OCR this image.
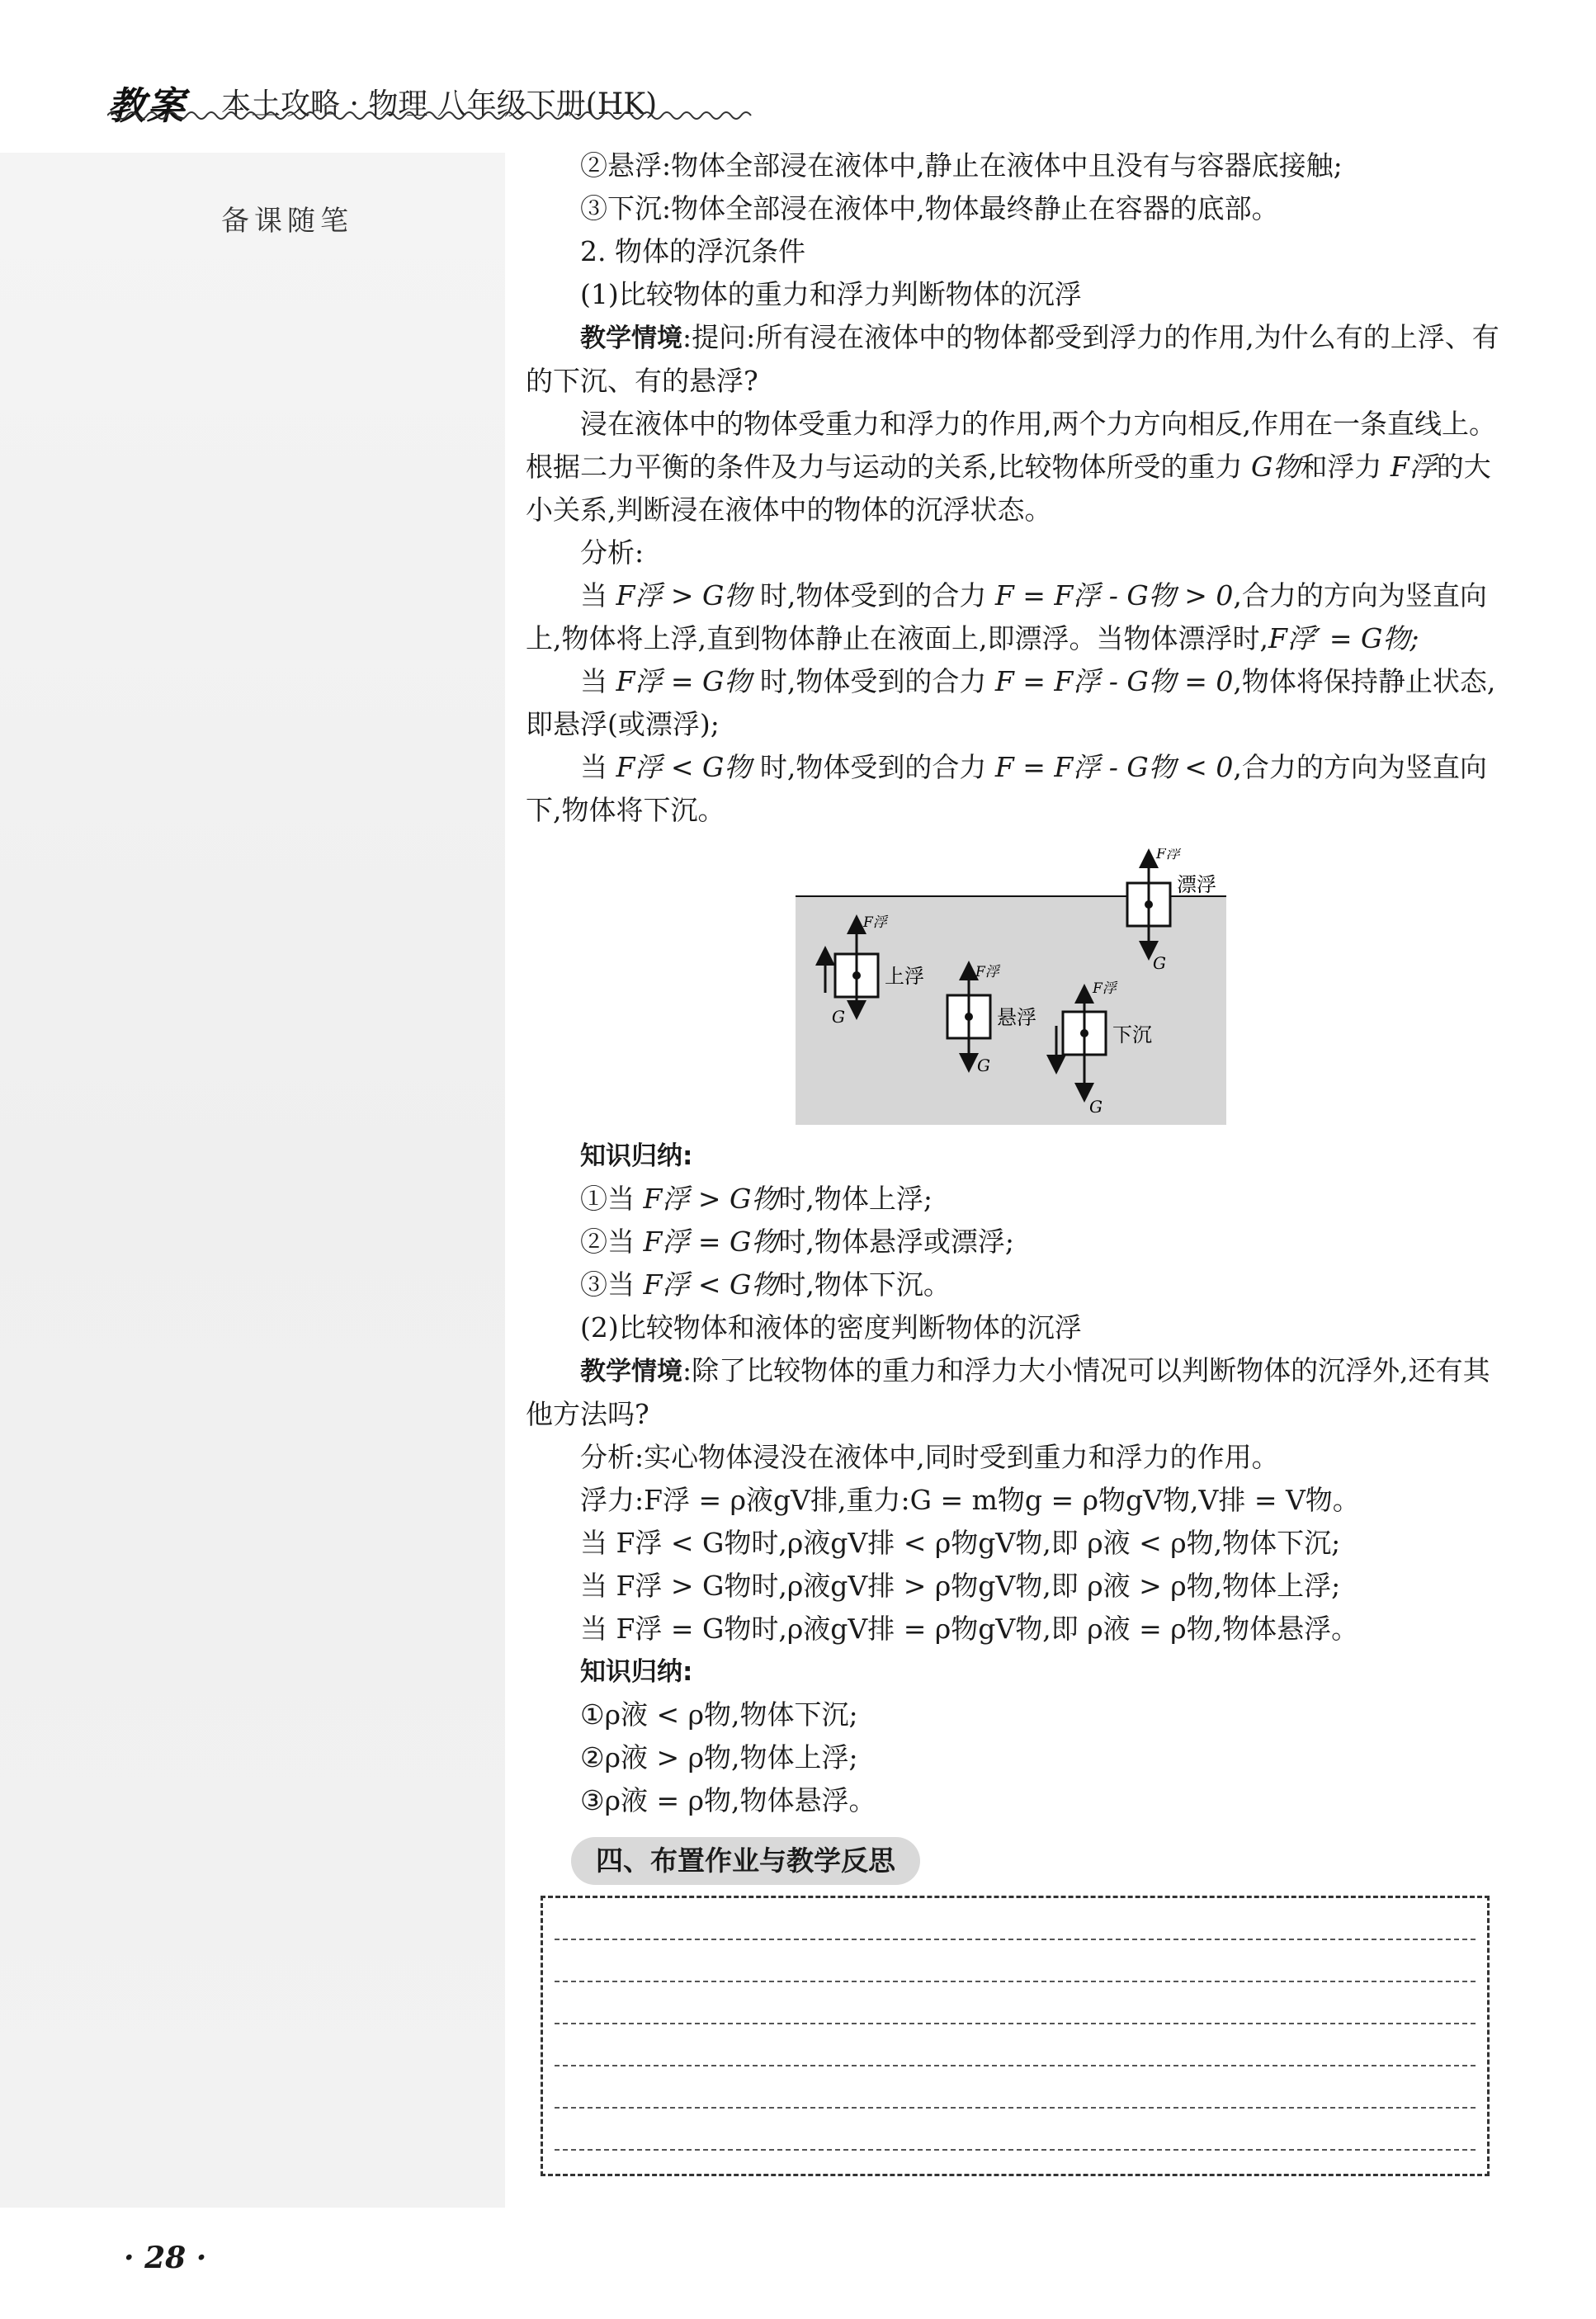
教案 本土攻略 · 物理 八年级下册(HK)
备课随笔

②悬浮:物体全部浸在液体中,静止在液体中且没有与容器底接触;

③下沉:物体全部浸在液体中,物体最终静止在容器的底部。

2. 物体的浮沉条件

(1)比较物体的重力和浮力判断物体的沉浮

教学情境:提问:所有浸在液体中的物体都受到浮力的作用,为什么有的上浮、有的下沉、有的悬浮?

浸在液体中的物体受重力和浮力的作用,两个力方向相反,作用在一条直线上。根据二力平衡的条件及力与运动的关系,比较物体所受的重力 G物和浮力 F浮的大小关系,判断浸在液体中的物体的沉浮状态。

分析:

当 F浮 > G物 时,物体受到的合力 F = F浮 - G物 > 0,合力的方向为竖直向上,物体将上浮,直到物体静止在液面上,即漂浮。当物体漂浮时,F浮′ = G物;

当 F浮 = G物 时,物体受到的合力 F = F浮 - G物 = 0,物体将保持静止状态,即悬浮(或漂浮);

当 F浮 < G物 时,物体受到的合力 F = F浮 - G物 < 0,合力的方向为竖直向下,物体将下沉。

F浮
G
漂浮
F浮
G
上浮	F浮
G
悬浮
F浮
G
下沉

知识归纳:

①当 F浮 > G物时,物体上浮;

②当 F浮 = G物时,物体悬浮或漂浮;

③当 F浮 < G物时,物体下沉。

(2)比较物体和液体的密度判断物体的沉浮

教学情境:除了比较物体的重力和浮力大小情况可以判断物体的沉浮外,还有其他方法吗?

分析:实心物体浸没在液体中,同时受到重力和浮力的作用。

浮力:F浮 = ρ液gV排,重力:G = m物g = ρ物gV物,V排 = V物。

当 F浮 < G物时,ρ液gV排 < ρ物gV物,即 ρ液 < ρ物,物体下沉;

当 F浮 > G物时,ρ液gV排 > ρ物gV物,即 ρ液 > ρ物,物体上浮;

当 F浮 = G物时,ρ液gV排 = ρ物gV物,即 ρ液 = ρ物,物体悬浮。

知识归纳:

①ρ液 < ρ物,物体下沉;

②ρ液 > ρ物,物体上浮;

③ρ液 = ρ物,物体悬浮。

四、布置作业与教学反思
· 28 ·
